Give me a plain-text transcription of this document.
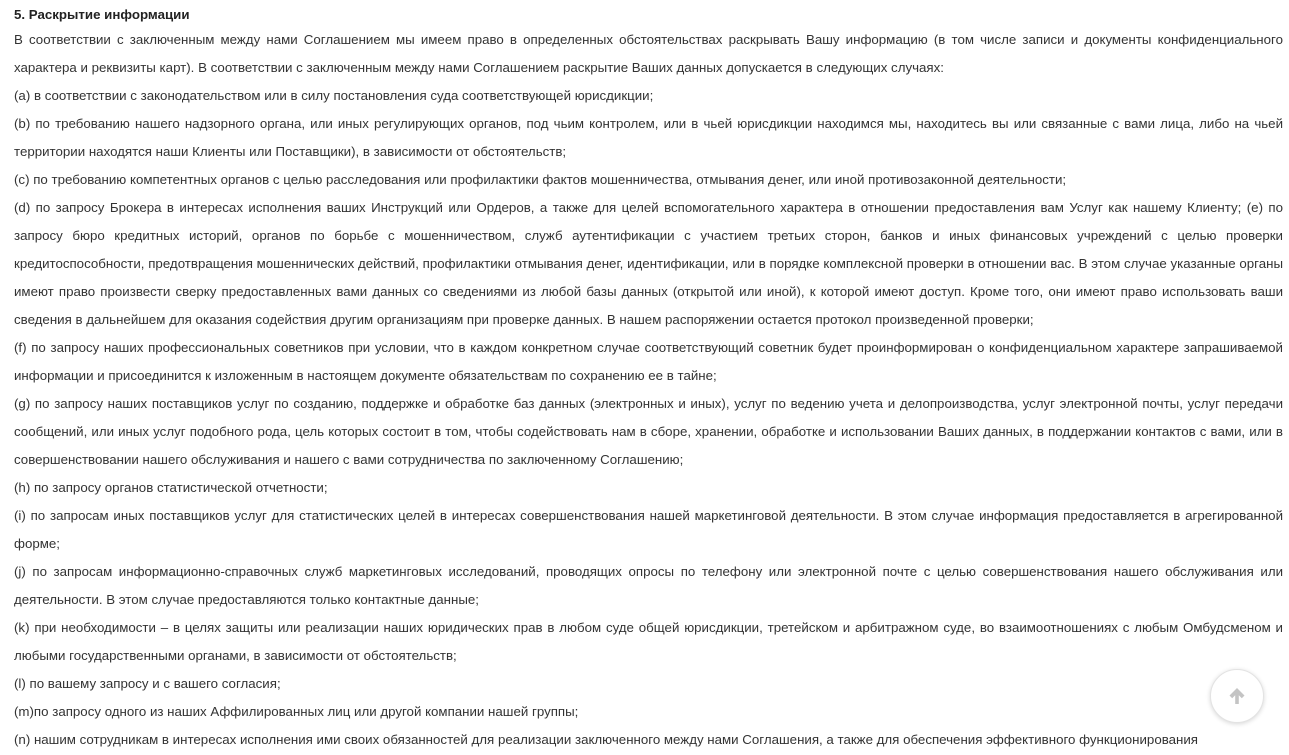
5. Раскрытие информации

В соответствии с заключенным между нами Соглашением мы имеем право в определенных обстоятельствах раскрывать Вашу информацию (в том числе записи и документы конфиденциального характера и реквизиты карт). В соответствии с заключенным между нами Соглашением раскрытие Ваших данных допускается в следующих случаях:

(a) в соответствии с законодательством или в силу постановления суда соответствующей юрисдикции;

(b) по требованию нашего надзорного органа, или иных регулирующих органов, под чьим контролем, или в чьей юрисдикции находимся мы, находитесь вы или связанные с вами лица, либо на чьей территории находятся наши Клиенты или Поставщики), в зависимости от обстоятельств;

(c) по требованию компетентных органов с целью расследования или профилактики фактов мошенничества, отмывания денег, или иной противозаконной деятельности;

(d) по запросу Брокера в интересах исполнения ваших Инструкций или Ордеров, а также для целей вспомогательного характера в отношении предоставления вам Услуг как нашему Клиенту; (e) по запросу бюро кредитных историй, органов по борьбе с мошенничеством, служб аутентификации с участием третьих сторон, банков и иных финансовых учреждений с целью проверки кредитоспособности, предотвращения мошеннических действий, профилактики отмывания денег, идентификации, или в порядке комплексной проверки в отношении вас. В этом случае указанные органы имеют право произвести сверку предоставленных вами данных со сведениями из любой базы данных (открытой или иной), к которой имеют доступ. Кроме того, они имеют право использовать ваши сведения в дальнейшем для оказания содействия другим организациям при проверке данных. В нашем распоряжении остается протокол произведенной проверки;

(f) по запросу наших профессиональных советников при условии, что в каждом конкретном случае соответствующий советник будет проинформирован о конфиденциальном характере запрашиваемой информации и присоединится к изложенным в настоящем документе обязательствам по сохранению ее в тайне;

(g) по запросу наших поставщиков услуг по созданию, поддержке и обработке баз данных (электронных и иных), услуг по ведению учета и делопроизводства, услуг электронной почты, услуг передачи сообщений, или иных услуг подобного рода, цель которых состоит в том, чтобы содействовать нам в сборе, хранении, обработке и использовании Ваших данных, в поддержании контактов с вами, или в совершенствовании нашего обслуживания и нашего с вами сотрудничества по заключенному Соглашению;

(h) по запросу органов статистической отчетности;

(i) по запросам иных поставщиков услуг для статистических целей в интересах совершенствования нашей маркетинговой деятельности. В этом случае информация предоставляется в агрегированной форме;

(j) по запросам информационно-справочных служб маркетинговых исследований, проводящих опросы по телефону или электронной почте с целью совершенствования нашего обслуживания или деятельности. В этом случае предоставляются только контактные данные;

(k) при необходимости – в целях защиты или реализации наших юридических прав в любом суде общей юрисдикции, третейском и арбитражном суде, во взаимоотношениях с любым Омбудсменом и любыми государственными органами, в зависимости от обстоятельств;

(l) по вашему запросу и с вашего согласия;

(m)по запросу одного из наших Аффилированных лиц или другой компании нашей группы;

(n) нашим сотрудникам в интересах исполнения ими своих обязанностей для реализации заключенного между нами Соглашения, а также для обеспечения эффективного функционирования
